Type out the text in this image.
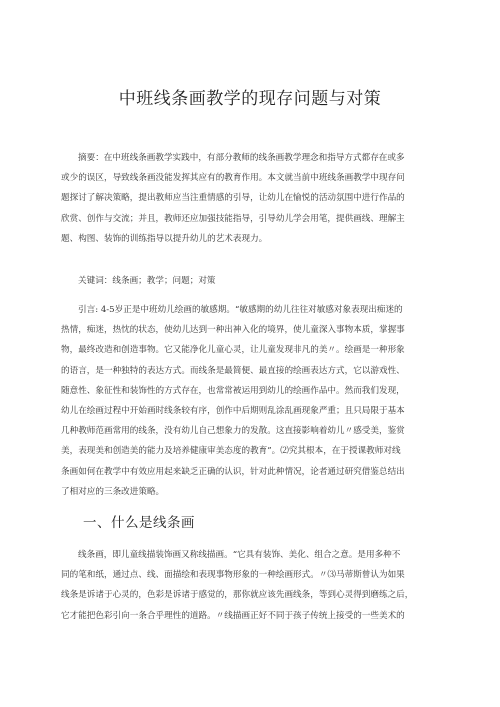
中班线条画教学的现存问题与对策
摘要：在中班线条画教学实践中，有部分教师的线条画教学理念和指导方式都存在或多
或少的误区，导致线条画没能发挥其应有的教育作用。本文就当前中班线条画教学中现存问
题探讨了解决策略，提出教师应当注重情感的引导，让幼儿在愉悦的活动氛围中进行作品的
欣赏、创作与交流；并且，教师还应加强技能指导，引导幼儿学会用笔，提供画线、理解主
题、构图、装饰的训练指导以提升幼儿的艺术表现力。
关键词：线条画；教学；问题；对策
引言: 4-5岁正是中班幼儿绘画的敏感期。“敏感期的幼儿往往对敏感对象表现出痴迷的
热情，痴迷，热忱的状态，使幼儿达到一种出神入化的境界，使儿童深入事物本质，掌握事
物，最终改造和创造事物。它又能净化儿童心灵，让儿童发现非凡的美〃。绘画是一种形象
的语言，是一种独特的表达方式。而线条是最简便、最直接的绘画表达方式，它以游戏性、
随意性、象征性和装饰性的方式存在，也常常被运用到幼儿的绘画作品中。然而我们发现，
幼儿在绘画过程中开始画时线条较有序，创作中后期则乱涂乱画现象严重；且只局限于基本
几种教师范画常用的线条，没有幼儿自己想象力的发散。这直接影响着幼儿〃感受美，鉴赏
美，表现美和创造美的能力及培养健康审美态度的教育”。⑵究其根本，在于授课教师对线
条画如何在教学中有效应用起来缺乏正确的认识，针对此种情况，论者通过研究借鉴总结出
了相对应的三条改进策略。
一、什么是线条画
线条画，即儿童线描装饰画又称线描画。“它具有装饰、美化、组合之意。是用多种不
同的笔和纸，通过点、线、面描绘和表现事物形象的一种绘画形式。〃⑶马蒂斯曾认为如果
线条是诉诸于心灵的，色彩是诉诸于感觉的，那你就应该先画线条，等到心灵得到磨练之后，
它才能把色彩引向一条合乎理性的道路。〃线描画正好不同于孩子传统上接受的一些美术的
